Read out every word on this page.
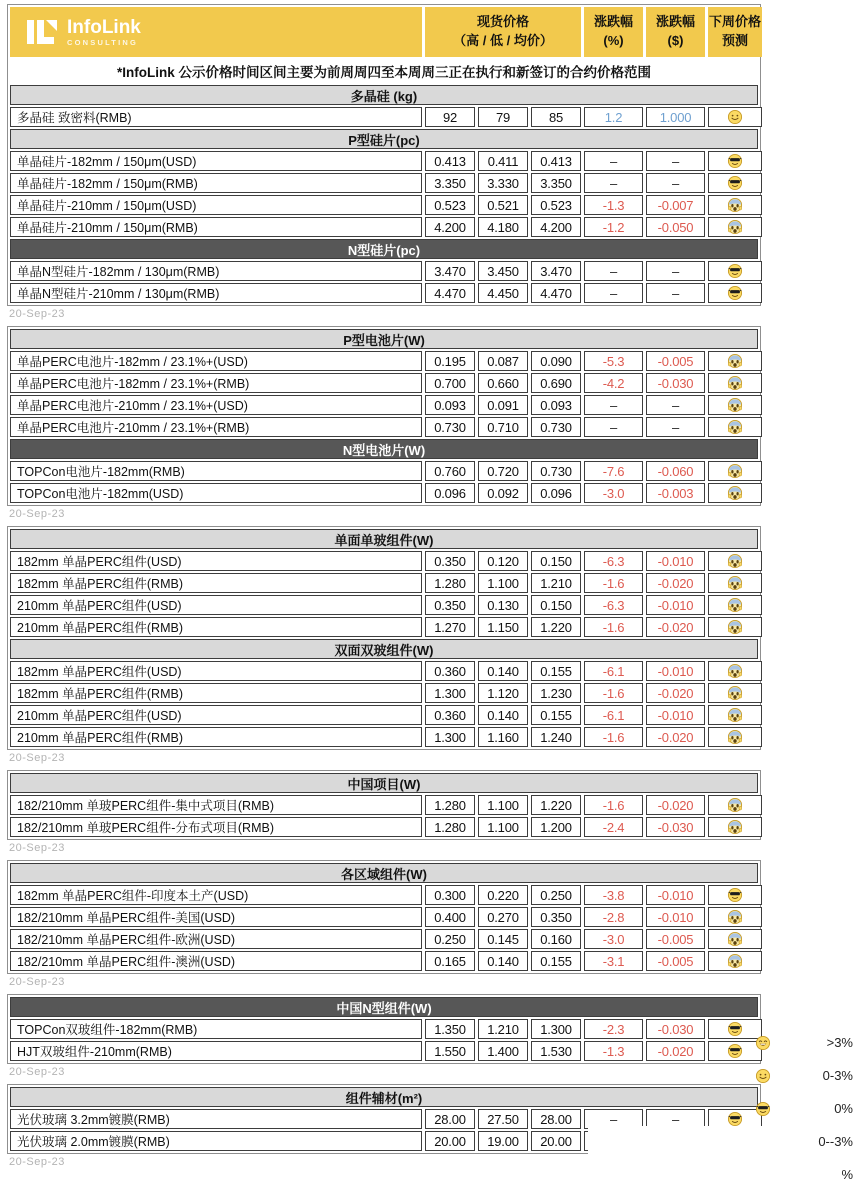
InfoLink
CONSULTING
现货价格
（高 / 低 / 均价）
涨跌幅
(%)
涨跌幅
($)
下周价格
预测
*InfoLink 公示价格时间区间主要为前周周四至本周周三正在执行和新签订的合约价格范围
多晶硅 (kg)
多晶硅 致密料(RMB)	92	79	85	1.2	1.000
P型硅片(pc)
单晶硅片-182mm / 150μm(USD)	0.413	0.411	0.413	–	–
单晶硅片-182mm / 150μm(RMB)	3.350	3.330	3.350	–	–
单晶硅片-210mm / 150μm(USD)	0.523	0.521	0.523	-1.3	-0.007
单晶硅片-210mm / 150μm(RMB)	4.200	4.180	4.200	-1.2	-0.050
N型硅片(pc)
单晶N型硅片-182mm / 130μm(RMB)	3.470	3.450	3.470	–	–
单晶N型硅片-210mm / 130μm(RMB)	4.470	4.450	4.470	–	–
20-Sep-23
P型电池片(W)
单晶PERC电池片-182mm / 23.1%+(USD)	0.195	0.087	0.090	-5.3	-0.005
单晶PERC电池片-182mm / 23.1%+(RMB)	0.700	0.660	0.690	-4.2	-0.030
单晶PERC电池片-210mm / 23.1%+(USD)	0.093	0.091	0.093	–	–
单晶PERC电池片-210mm / 23.1%+(RMB)	0.730	0.710	0.730	–	–
N型电池片(W)
TOPCon电池片-182mm(RMB)	0.760	0.720	0.730	-7.6	-0.060
TOPCon电池片-182mm(USD)	0.096	0.092	0.096	-3.0	-0.003
20-Sep-23
单面单玻组件(W)
182mm 单晶PERC组件(USD)	0.350	0.120	0.150	-6.3	-0.010
182mm 单晶PERC组件(RMB)	1.280	1.100	1.210	-1.6	-0.020
210mm 单晶PERC组件(USD)	0.350	0.130	0.150	-6.3	-0.010
210mm 单晶PERC组件(RMB)	1.270	1.150	1.220	-1.6	-0.020
双面双玻组件(W)
182mm 单晶PERC组件(USD)	0.360	0.140	0.155	-6.1	-0.010
182mm 单晶PERC组件(RMB)	1.300	1.120	1.230	-1.6	-0.020
210mm 单晶PERC组件(USD)	0.360	0.140	0.155	-6.1	-0.010
210mm 单晶PERC组件(RMB)	1.300	1.160	1.240	-1.6	-0.020
20-Sep-23
中国项目(W)
182/210mm 单玻PERC组件-集中式项目(RMB)	1.280	1.100	1.220	-1.6	-0.020
182/210mm 单玻PERC组件-分布式项目(RMB)	1.280	1.100	1.200	-2.4	-0.030
20-Sep-23
各区域组件(W)
182mm 单晶PERC组件-印度本土产(USD)	0.300	0.220	0.250	-3.8	-0.010
182/210mm 单晶PERC组件-美国(USD)	0.400	0.270	0.350	-2.8	-0.010
182/210mm 单晶PERC组件-欧洲(USD)	0.250	0.145	0.160	-3.0	-0.005
182/210mm 单晶PERC组件-澳洲(USD)	0.165	0.140	0.155	-3.1	-0.005
20-Sep-23
中国N型组件(W)
TOPCon双玻组件-182mm(RMB)	1.350	1.210	1.300	-2.3	-0.030
HJT双玻组件-210mm(RMB)	1.550	1.400	1.530	-1.3	-0.020
20-Sep-23
组件辅材(m²)
光伏玻璃 3.2mm镀膜(RMB)	28.00	27.50	28.00	–	–
光伏玻璃 2.0mm镀膜(RMB)	20.00	19.00	20.00
20-Sep-23
>3%
0-3%
0%
0--3%
%
